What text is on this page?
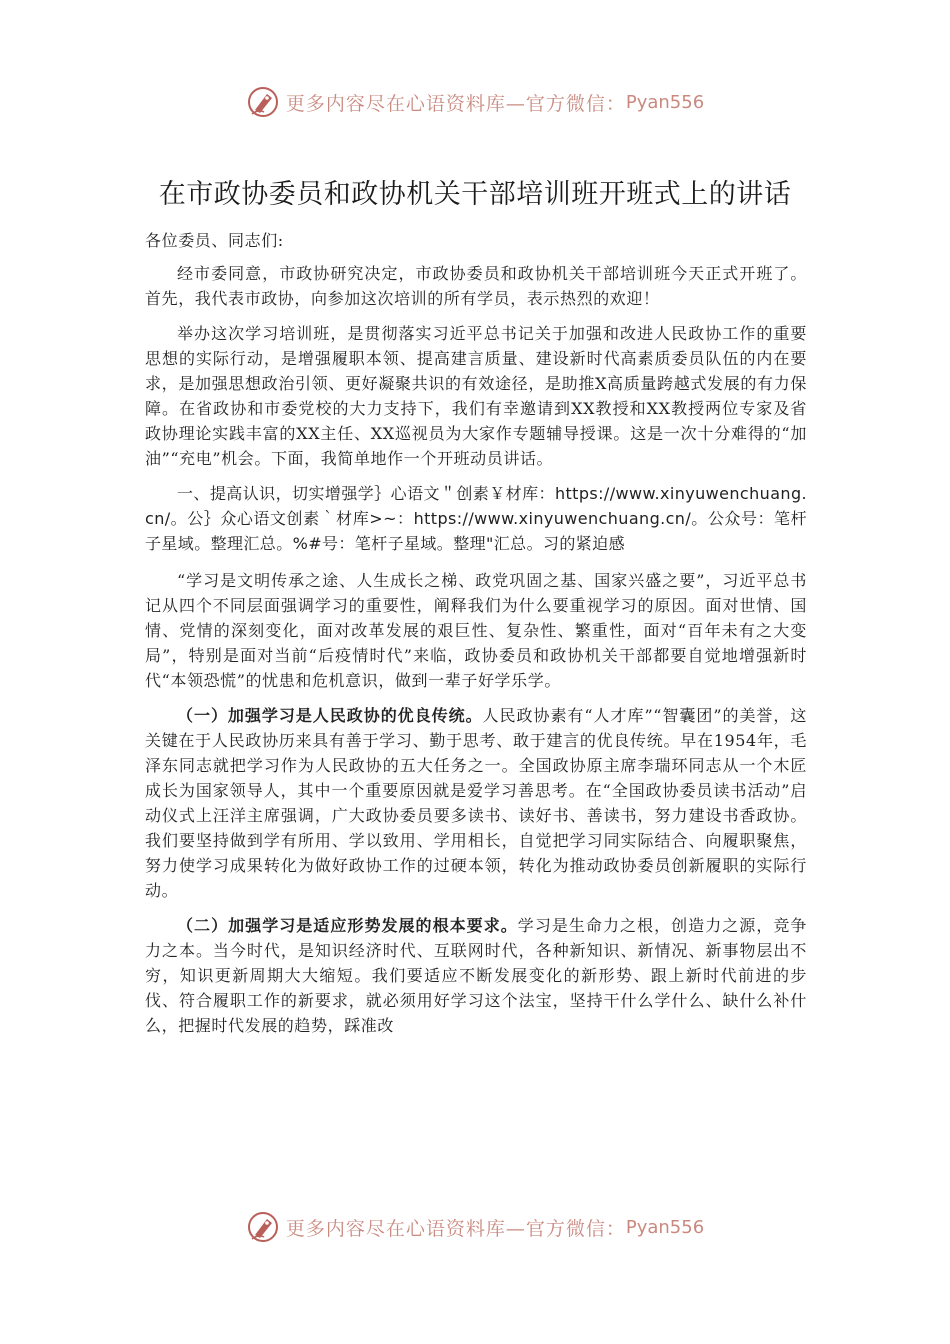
更多内容尽在心语资料库—官方微信： Pyan556
在市政协委员和政协机关干部培训班开班式上的讲话

各位委员、同志们:

经市委同意，市政协研究决定，市政协委员和政协机关干部培训班今天正式开班了。首先，我代表市政协，向参加这次培训的所有学员，表示热烈的欢迎！

举办这次学习培训班，是贯彻落实习近平总书记关于加强和改进人民政协工作的重要思想的实际行动，是增强履职本领、提高建言质量、建设新时代高素质委员队伍的内在要求，是加强思想政治引领、更好凝聚共识的有效途径，是助推X高质量跨越式发展的有力保障。在省政协和市委党校的大力支持下，我们有幸邀请到XX教授和XX教授两位专家及省政协理论实践丰富的XX主任、XX巡视员为大家作专题辅导授课。这是一次十分难得的“加油”“充电”机会。下面，我简单地作一个开班动员讲话。

一、提高认识，切实增强学｝心语文＂创素￥材库：https://www.xinyuwenchuang.cn/。公｝众心语文创素｀材库>~：https://www.xinyuwenchuang.cn/。公众号：笔杆子星域。整理汇总。%#号：笔杆子星域。整理"汇总。习的紧迫感

“学习是文明传承之途、人生成长之梯、政党巩固之基、国家兴盛之要”，习近平总书记从四个不同层面强调学习的重要性，阐释我们为什么要重视学习的原因。面对世情、国情、党情的深刻变化，面对改革发展的艰巨性、复杂性、繁重性，面对“百年未有之大变局”，特别是面对当前“后疫情时代”来临，政协委员和政协机关干部都要自觉地增强新时代“本领恐慌”的忧患和危机意识，做到一辈子好学乐学。

（一）加强学习是人民政协的优良传统。人民政协素有“人才库”“智囊团”的美誉，这关键在于人民政协历来具有善于学习、勤于思考、敢于建言的优良传统。早在1954年，毛泽东同志就把学习作为人民政协的五大任务之一。全国政协原主席李瑞环同志从一个木匠成长为国家领导人，其中一个重要原因就是爱学习善思考。在“全国政协委员读书活动”启动仪式上汪洋主席强调，广大政协委员要多读书、读好书、善读书，努力建设书香政协。我们要坚持做到学有所用、学以致用、学用相长，自觉把学习同实际结合、向履职聚焦，努力使学习成果转化为做好政协工作的过硬本领，转化为推动政协委员创新履职的实际行动。

（二）加强学习是适应形势发展的根本要求。学习是生命力之根，创造力之源，竞争力之本。当今时代，是知识经济时代、互联网时代，各种新知识、新情况、新事物层出不穷，知识更新周期大大缩短。我们要适应不断发展变化的新形势、跟上新时代前进的步伐、符合履职工作的新要求，就必须用好学习这个法宝，坚持干什么学什么、缺什么补什么，把握时代发展的趋势，踩准改

更多内容尽在心语资料库—官方微信： Pyan556
